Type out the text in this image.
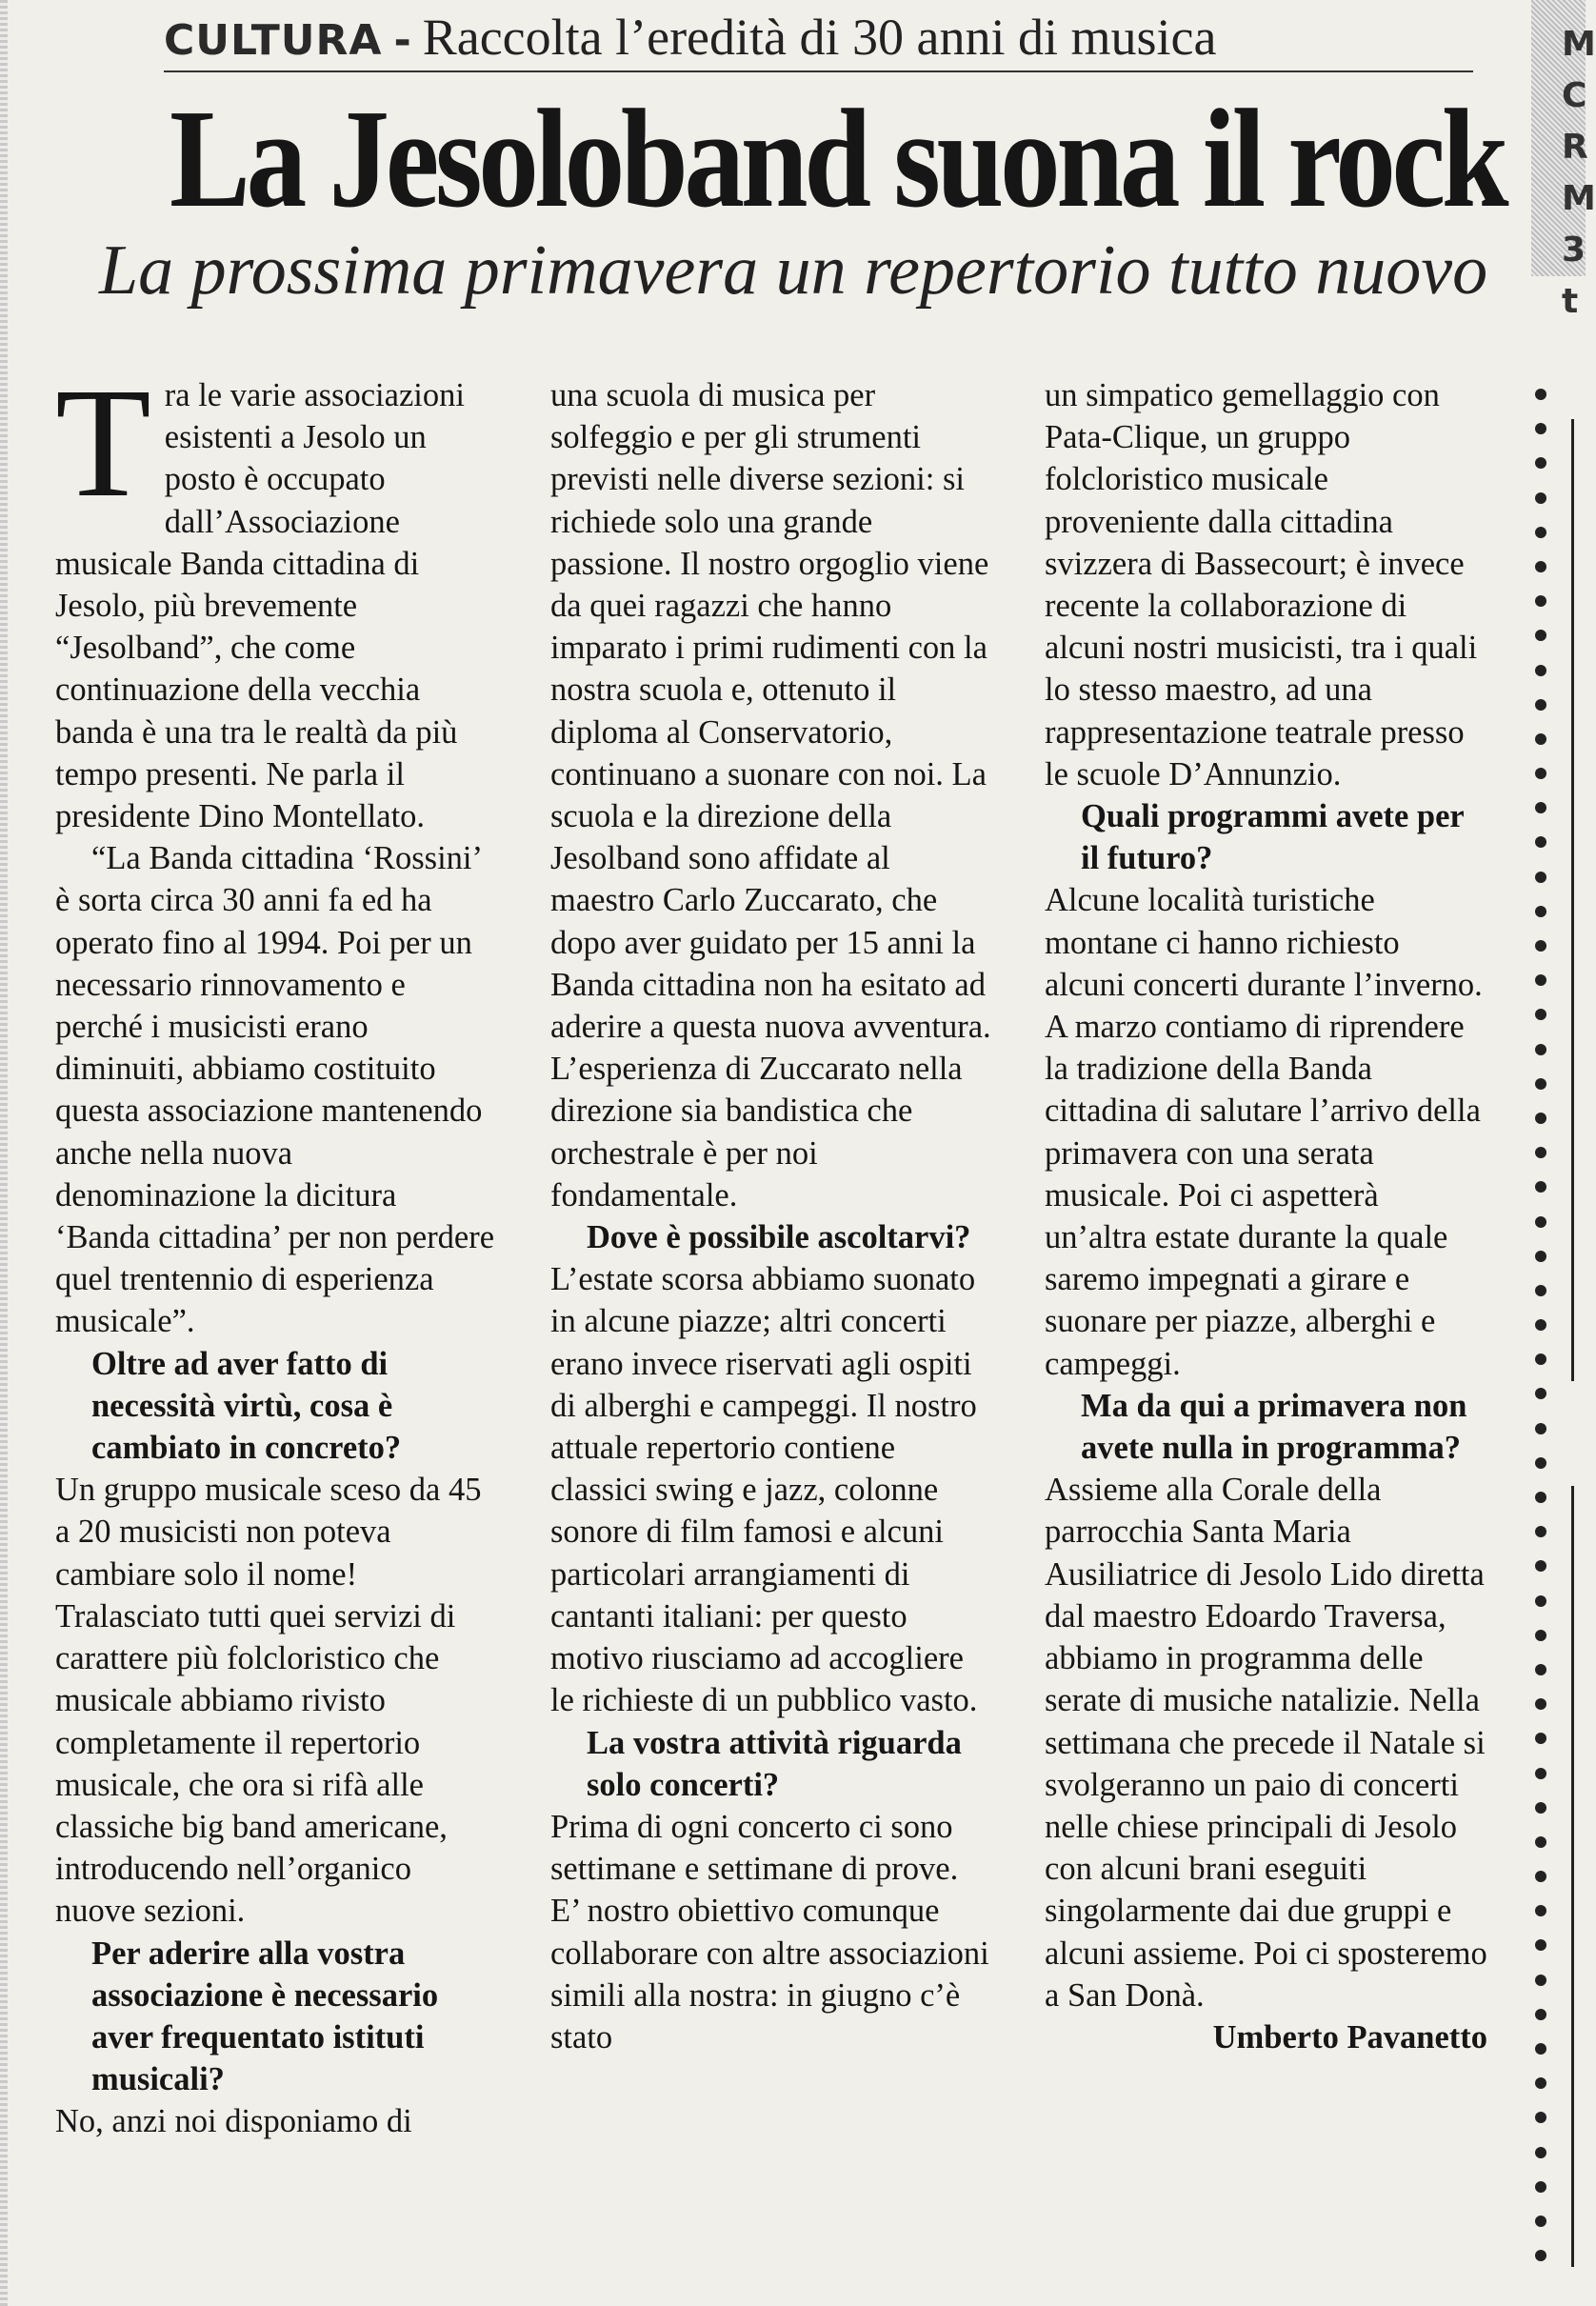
CULTURA - Raccolta l’eredità di 30 anni di musica
La Jesoloband suona il rock
La prossima primavera un repertorio tutto nuovo
M
C
R
M
3
t
T ra le varie associazioni esistenti a Jesolo un posto è occupato dall’Associazione musicale Banda cittadina di Jesolo, più brevemente “Jesolband”, che come continuazione della vecchia banda è una tra le realtà da più tempo presenti. Ne parla il presidente Dino Montellato.

“La Banda cittadina ‘Rossini’ è sorta circa 30 anni fa ed ha operato fino al 1994. Poi per un necessario rinnovamento e perché i musicisti erano diminuiti, abbiamo costituito questa associazione mantenendo anche nella nuova denominazione la dicitura ‘Banda cittadina’ per non perdere quel trentennio di esperienza musicale”.

Oltre ad aver fatto di necessità virtù, cosa è cambiato in concreto?

Un gruppo musicale sceso da 45 a 20 musicisti non poteva cambiare solo il nome! Tralasciato tutti quei servizi di carattere più folcloristico che musicale abbiamo rivisto completamente il repertorio musicale, che ora si rifà alle classiche big band americane, introducendo nell’organico nuove sezioni.

Per aderire alla vostra associazione è necessario aver frequentato istituti musicali?

No, anzi noi disponiamo di

una scuola di musica per solfeggio e per gli strumenti previsti nelle diverse sezioni: si richiede solo una grande passione. Il nostro orgoglio viene da quei ragazzi che hanno imparato i primi rudimenti con la nostra scuola e, ottenuto il diploma al Conservatorio, continuano a suonare con noi. La scuola e la direzione della Jesolband sono affidate al maestro Carlo Zuccarato, che dopo aver guidato per 15 anni la Banda cittadina non ha esitato ad aderire a questa nuova avventura. L’esperienza di Zuccarato nella direzione sia bandistica che orchestrale è per noi fondamentale.

Dove è possibile ascoltarvi?

L’estate scorsa abbiamo suonato in alcune piazze; altri concerti erano invece riservati agli ospiti di alberghi e campeggi. Il nostro attuale repertorio contiene classici swing e jazz, colonne sonore di film famosi e alcuni particolari arrangiamenti di cantanti italiani: per questo motivo riusciamo ad accogliere le richieste di un pubblico vasto.

La vostra attività riguarda solo concerti?

Prima di ogni concerto ci sono settimane e settimane di prove. E’ nostro obiettivo comunque collaborare con altre associazioni simili alla nostra: in giugno c’è stato

un simpatico gemellaggio con Pata-Clique, un gruppo folcloristico musicale proveniente dalla cittadina svizzera di Bassecourt; è invece recente la collaborazione di alcuni nostri musicisti, tra i quali lo stesso maestro, ad una rappresentazione teatrale presso le scuole D’Annunzio.

Quali programmi avete per il futuro?

Alcune località turistiche montane ci hanno richiesto alcuni concerti durante l’inverno. A marzo contiamo di riprendere la tradizione della Banda cittadina di salutare l’arrivo della primavera con una serata musicale. Poi ci aspetterà un’altra estate durante la quale saremo impegnati a girare e suonare per piazze, alberghi e campeggi.

Ma da qui a primavera non avete nulla in programma?

Assieme alla Corale della parrocchia Santa Maria Ausiliatrice di Jesolo Lido diretta dal maestro Edoardo Traversa, abbiamo in programma delle serate di musiche natalizie. Nella settimana che precede il Natale si svolgeranno un paio di concerti nelle chiese principali di Jesolo con alcuni brani eseguiti singolarmente dai due gruppi e alcuni assieme. Poi ci sposteremo a San Donà.

Umberto Pavanetto
